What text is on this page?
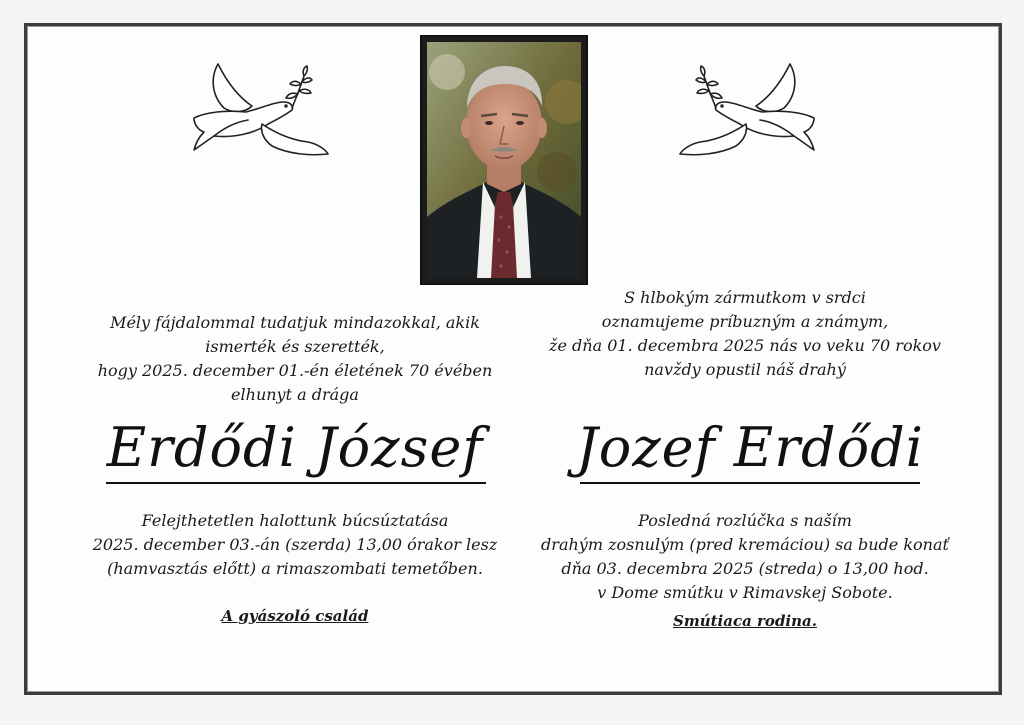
Mély fájdalommal tudatjuk mindazokkal, akik
ismerték és szerették,
hogy 2025. december 01.-én életének 70 évében
elhunyt a drága
S hlbokým zármutkom v srdci
oznamujeme príbuzným a známym,
že dňa 01. decembra 2025 nás vo veku 70 rokov
navždy opustil náš drahý
Erdődi József Jozef Erdődi
Felejthetetlen halottunk búcsúztatása
2025. december 03.-án (szerda) 13,00 órakor lesz
(hamvasztás előtt) a rimaszombati temetőben.
Posledná rozlúčka s naším
drahým zosnulým (pred kremáciou) sa bude konať
dňa 03. decembra 2025 (streda) o 13,00 hod.
v Dome smútku v Rimavskej Sobote.
A gyászoló család	Smútiaca rodina.
